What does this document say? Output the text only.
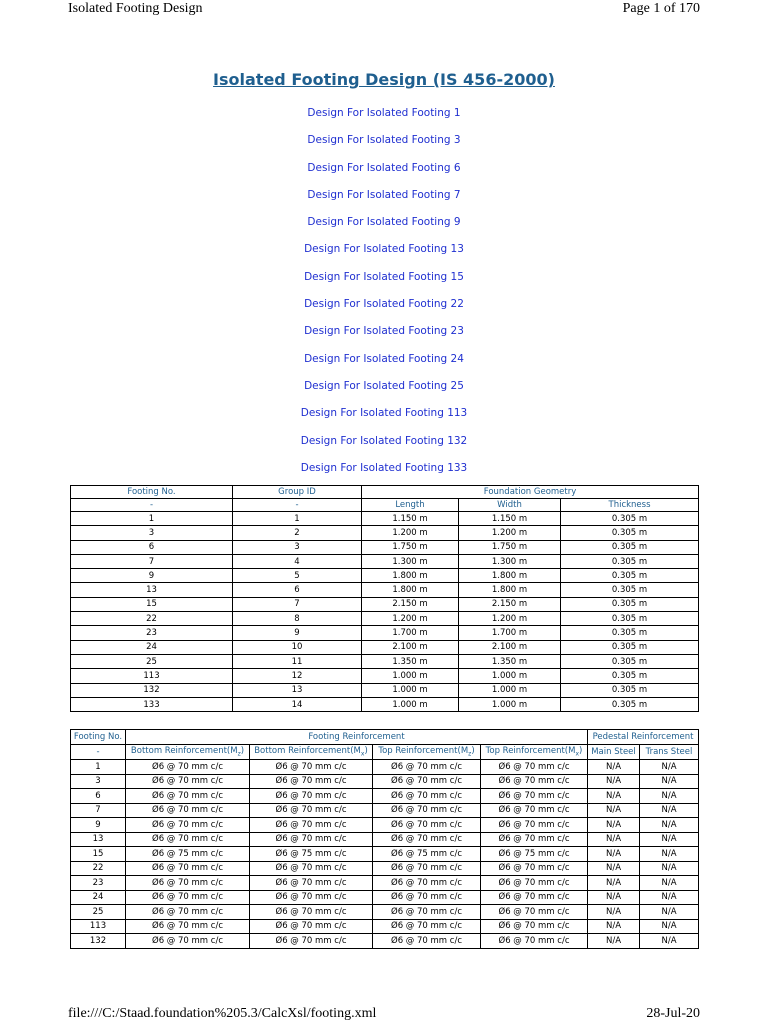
Isolated Footing Design	Page 1 of 170
Isolated Footing Design (IS 456-2000)
Design For Isolated Footing 1
Design For Isolated Footing 3
Design For Isolated Footing 6
Design For Isolated Footing 7
Design For Isolated Footing 9
Design For Isolated Footing 13
Design For Isolated Footing 15
Design For Isolated Footing 22
Design For Isolated Footing 23
Design For Isolated Footing 24
Design For Isolated Footing 25
Design For Isolated Footing 113
Design For Isolated Footing 132
Design For Isolated Footing 133
Footing No.	Group ID	Foundation Geometry		
-	-	Length	Width	Thickness
1	1	1.150 m	1.150 m	0.305 m
3	2	1.200 m	1.200 m	0.305 m
6	3	1.750 m	1.750 m	0.305 m
7	4	1.300 m	1.300 m	0.305 m
9	5	1.800 m	1.800 m	0.305 m
13	6	1.800 m	1.800 m	0.305 m
15	7	2.150 m	2.150 m	0.305 m
22	8	1.200 m	1.200 m	0.305 m
23	9	1.700 m	1.700 m	0.305 m
24	10	2.100 m	2.100 m	0.305 m
25	11	1.350 m	1.350 m	0.305 m
113	12	1.000 m	1.000 m	0.305 m
132	13	1.000 m	1.000 m	0.305 m
133	14	1.000 m	1.000 m	0.305 m
Footing No.	Footing Reinforcement				Pedestal Reinforcement	
-	Bottom $Reinforcement(M_z)$	Bottom $Reinforcement(M_x)$	Top $Reinforcement(M_z)$	Top $Reinforcement(M_x)$	Main Steel	Trans Steel
1	Ø6 @ 70 mm c/c	Ø6 @ 70 mm c/c	Ø6 @ 70 mm c/c	Ø6 @ 70 mm c/c	N/A	N/A
3	Ø6 @ 70 mm c/c	Ø6 @ 70 mm c/c	Ø6 @ 70 mm c/c	Ø6 @ 70 mm c/c	N/A	N/A
6	Ø6 @ 70 mm c/c	Ø6 @ 70 mm c/c	Ø6 @ 70 mm c/c	Ø6 @ 70 mm c/c	N/A	N/A
7	Ø6 @ 70 mm c/c	Ø6 @ 70 mm c/c	Ø6 @ 70 mm c/c	Ø6 @ 70 mm c/c	N/A	N/A
9	Ø6 @ 70 mm c/c	Ø6 @ 70 mm c/c	Ø6 @ 70 mm c/c	Ø6 @ 70 mm c/c	N/A	N/A
13	Ø6 @ 70 mm c/c	Ø6 @ 70 mm c/c	Ø6 @ 70 mm c/c	Ø6 @ 70 mm c/c	N/A	N/A
15	Ø6 @ 75 mm c/c	Ø6 @ 75 mm c/c	Ø6 @ 75 mm c/c	Ø6 @ 75 mm c/c	N/A	N/A
22	Ø6 @ 70 mm c/c	Ø6 @ 70 mm c/c	Ø6 @ 70 mm c/c	Ø6 @ 70 mm c/c	N/A	N/A
23	Ø6 @ 70 mm c/c	Ø6 @ 70 mm c/c	Ø6 @ 70 mm c/c	Ø6 @ 70 mm c/c	N/A	N/A
24	Ø6 @ 70 mm c/c	Ø6 @ 70 mm c/c	Ø6 @ 70 mm c/c	Ø6 @ 70 mm c/c	N/A	N/A
25	Ø6 @ 70 mm c/c	Ø6 @ 70 mm c/c	Ø6 @ 70 mm c/c	Ø6 @ 70 mm c/c	N/A	N/A
113	Ø6 @ 70 mm c/c	Ø6 @ 70 mm c/c	Ø6 @ 70 mm c/c	Ø6 @ 70 mm c/c	N/A	N/A
132	Ø6 @ 70 mm c/c	Ø6 @ 70 mm c/c	Ø6 @ 70 mm c/c	Ø6 @ 70 mm c/c	N/A	N/A
file:///C:/Staad.foundation%205.3/CalcXsl/footing.xml	28-Jul-20
